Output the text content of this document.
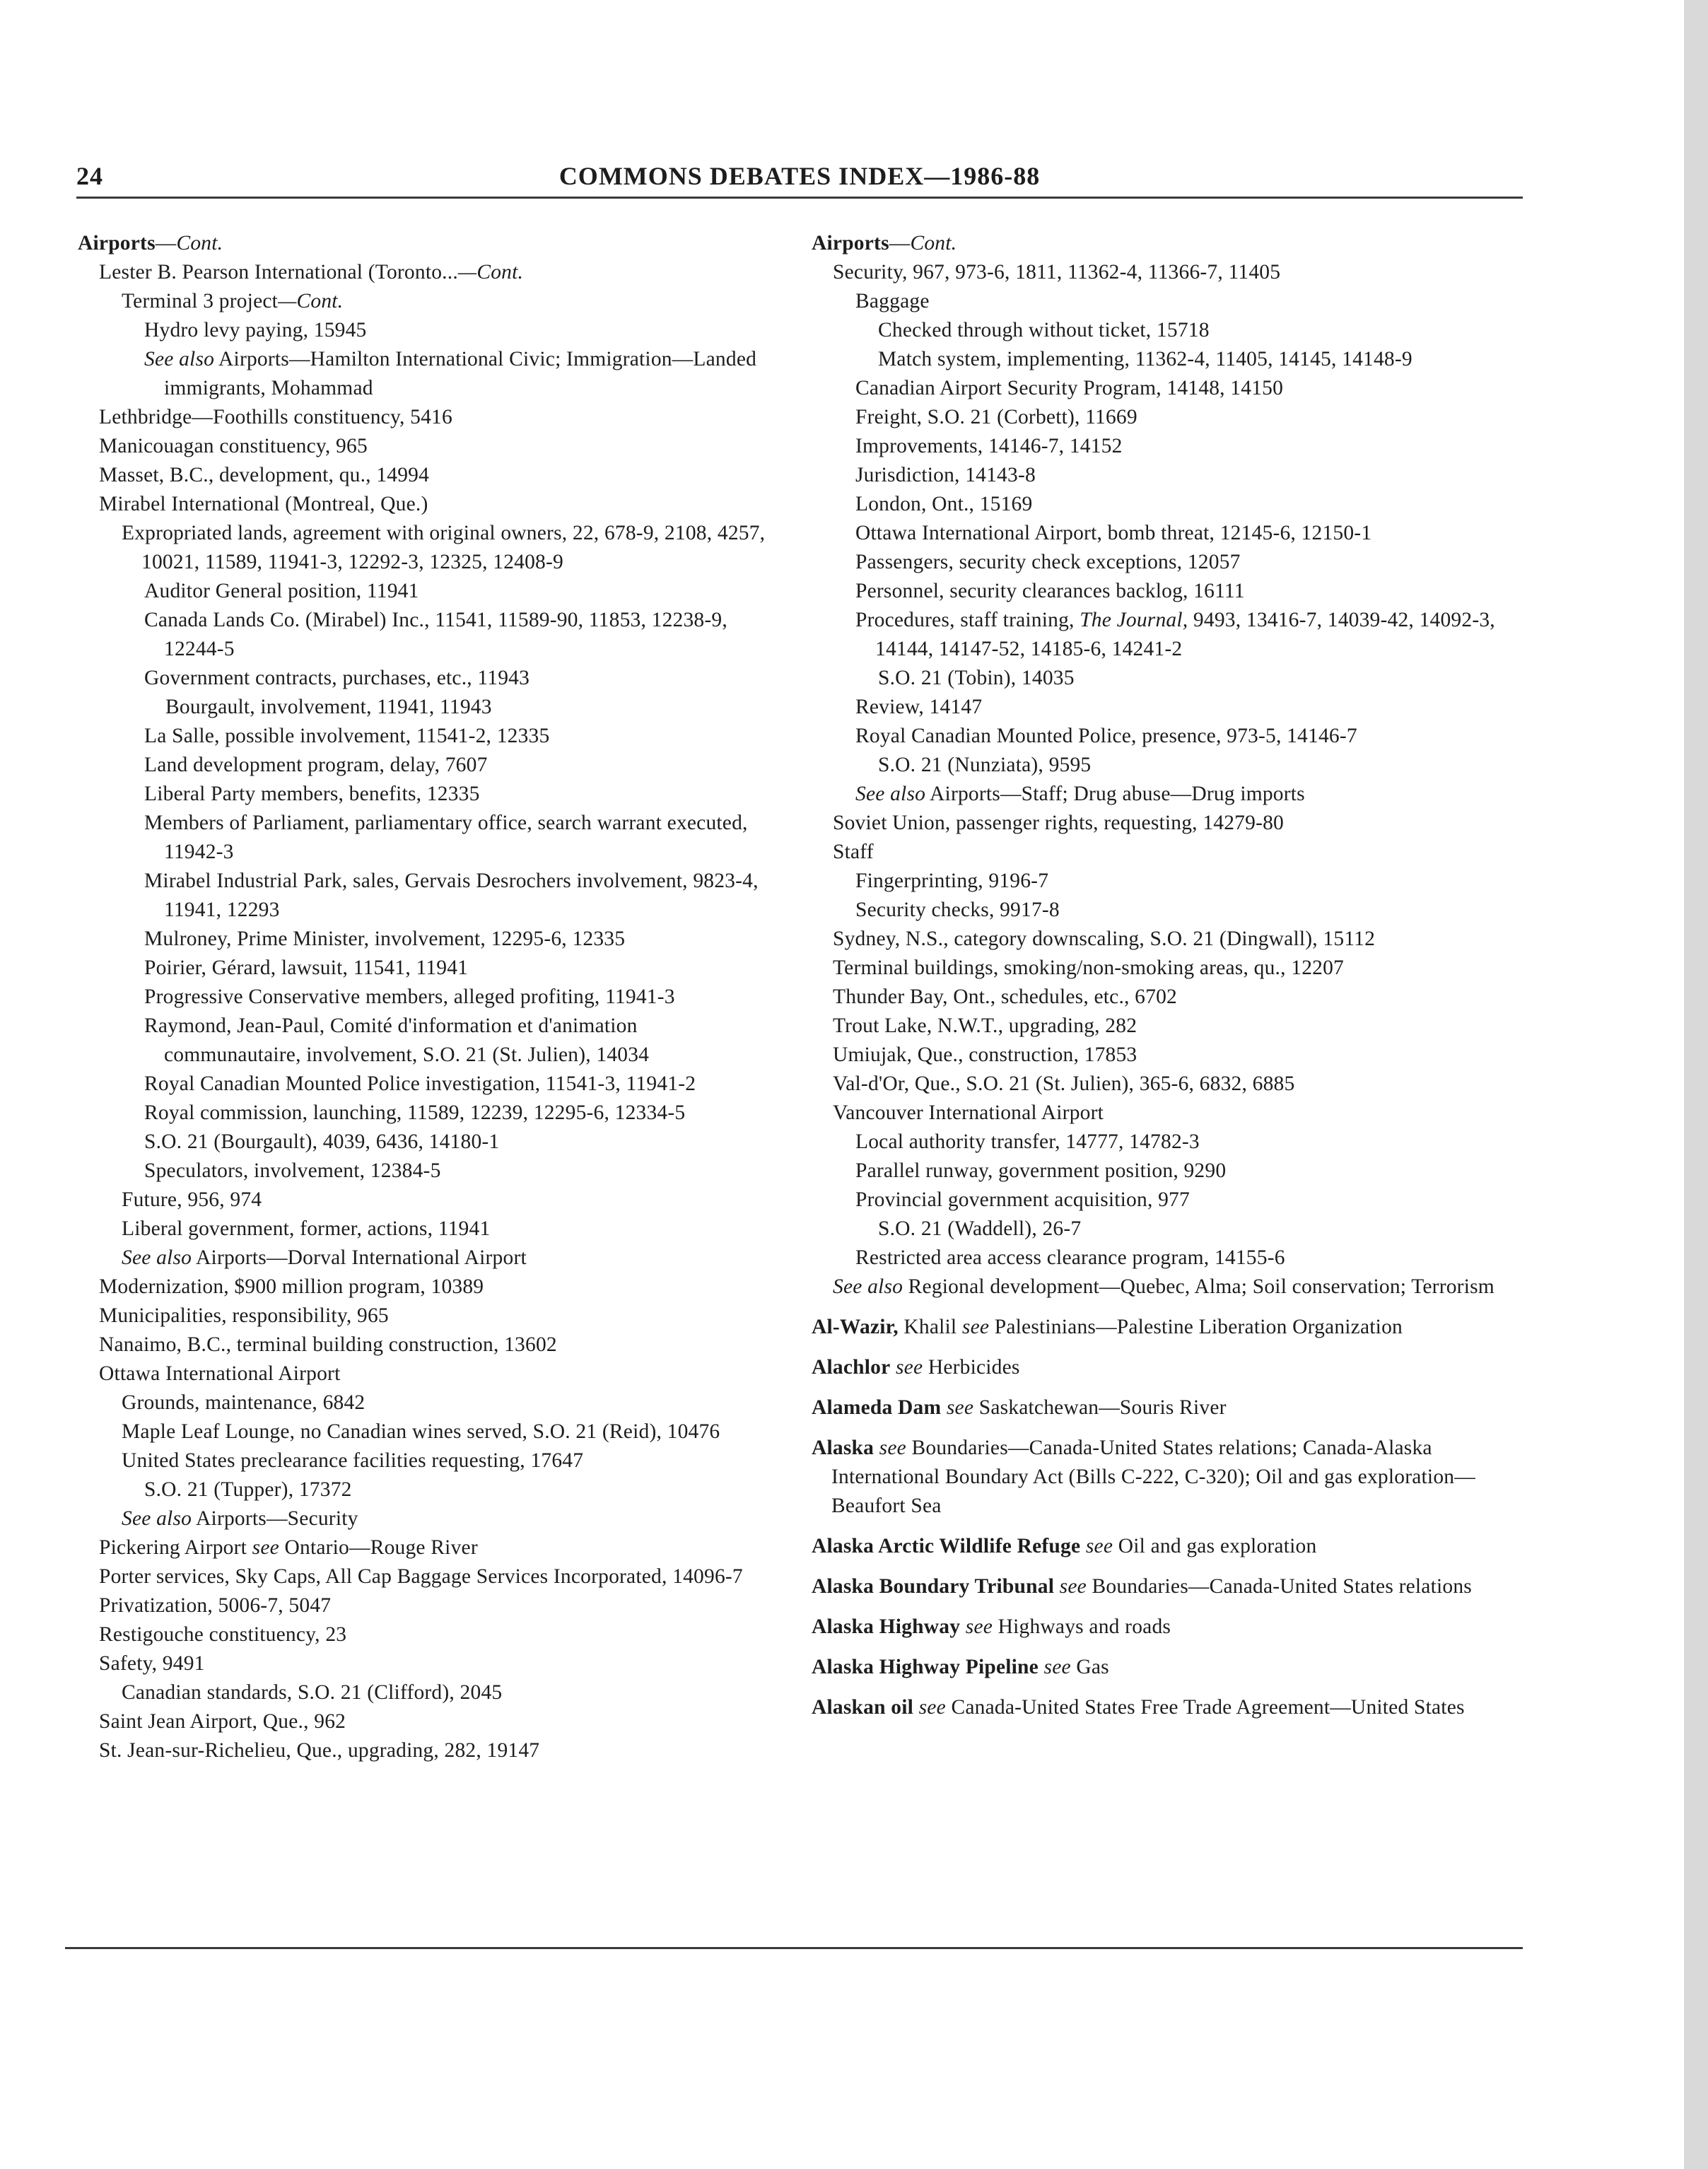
24	COMMONS DEBATES INDEX—1986-88

Airports—Cont.

Lester B. Pearson International (Toronto...—Cont.

Terminal 3 project—Cont.

Hydro levy paying, 15945

See also Airports—Hamilton International Civic; Immigration—Landed immigrants, Mohammad

Lethbridge—Foothills constituency, 5416

Manicouagan constituency, 965

Masset, B.C., development, qu., 14994

Mirabel International (Montreal, Que.)

Expropriated lands, agreement with original owners, 22, 678-9, 2108, 4257, 10021, 11589, 11941-3, 12292-3, 12325, 12408-9

Auditor General position, 11941

Canada Lands Co. (Mirabel) Inc., 11541, 11589-90, 11853, 12238-9, 12244-5

Government contracts, purchases, etc., 11943

Bourgault, involvement, 11941, 11943

La Salle, possible involvement, 11541-2, 12335

Land development program, delay, 7607

Liberal Party members, benefits, 12335

Members of Parliament, parliamentary office, search warrant executed, 11942-3

Mirabel Industrial Park, sales, Gervais Desrochers involvement, 9823-4, 11941, 12293

Mulroney, Prime Minister, involvement, 12295-6, 12335

Poirier, Gérard, lawsuit, 11541, 11941

Progressive Conservative members, alleged profiting, 11941-3

Raymond, Jean-Paul, Comité d'information et d'animation communautaire, involvement, S.O. 21 (St. Julien), 14034

Royal Canadian Mounted Police investigation, 11541-3, 11941-2

Royal commission, launching, 11589, 12239, 12295-6, 12334-5

S.O. 21 (Bourgault), 4039, 6436, 14180-1

Speculators, involvement, 12384-5

Future, 956, 974

Liberal government, former, actions, 11941

See also Airports—Dorval International Airport

Modernization, $900 million program, 10389

Municipalities, responsibility, 965

Nanaimo, B.C., terminal building construction, 13602

Ottawa International Airport

Grounds, maintenance, 6842

Maple Leaf Lounge, no Canadian wines served, S.O. 21 (Reid), 10476

United States preclearance facilities requesting, 17647

S.O. 21 (Tupper), 17372

See also Airports—Security

Pickering Airport see Ontario—Rouge River

Porter services, Sky Caps, All Cap Baggage Services Incorporated, 14096-7

Privatization, 5006-7, 5047

Restigouche constituency, 23

Safety, 9491

Canadian standards, S.O. 21 (Clifford), 2045

Saint Jean Airport, Que., 962

St. Jean-sur-Richelieu, Que., upgrading, 282, 19147

Airports—Cont.

Security, 967, 973-6, 1811, 11362-4, 11366-7, 11405

Baggage

Checked through without ticket, 15718

Match system, implementing, 11362-4, 11405, 14145, 14148-9

Canadian Airport Security Program, 14148, 14150

Freight, S.O. 21 (Corbett), 11669

Improvements, 14146-7, 14152

Jurisdiction, 14143-8

London, Ont., 15169

Ottawa International Airport, bomb threat, 12145-6, 12150-1

Passengers, security check exceptions, 12057

Personnel, security clearances backlog, 16111

Procedures, staff training, The Journal, 9493, 13416-7, 14039-42, 14092-3, 14144, 14147-52, 14185-6, 14241-2

S.O. 21 (Tobin), 14035

Review, 14147

Royal Canadian Mounted Police, presence, 973-5, 14146-7

S.O. 21 (Nunziata), 9595

See also Airports—Staff; Drug abuse—Drug imports

Soviet Union, passenger rights, requesting, 14279-80

Staff

Fingerprinting, 9196-7

Security checks, 9917-8

Sydney, N.S., category downscaling, S.O. 21 (Dingwall), 15112

Terminal buildings, smoking/non-smoking areas, qu., 12207

Thunder Bay, Ont., schedules, etc., 6702

Trout Lake, N.W.T., upgrading, 282

Umiujak, Que., construction, 17853

Val-d'Or, Que., S.O. 21 (St. Julien), 365-6, 6832, 6885

Vancouver International Airport

Local authority transfer, 14777, 14782-3

Parallel runway, government position, 9290

Provincial government acquisition, 977

S.O. 21 (Waddell), 26-7

Restricted area access clearance program, 14155-6

See also Regional development—Quebec, Alma; Soil conservation; Terrorism

Al-Wazir, Khalil see Palestinians—Palestine Liberation Organization

Alachlor see Herbicides

Alameda Dam see Saskatchewan—Souris River

Alaska see Boundaries—Canada-United States relations; Canada-Alaska International Boundary Act (Bills C-222, C-320); Oil and gas exploration—Beaufort Sea

Alaska Arctic Wildlife Refuge see Oil and gas exploration

Alaska Boundary Tribunal see Boundaries—Canada-United States relations

Alaska Highway see Highways and roads

Alaska Highway Pipeline see Gas

Alaskan oil see Canada-United States Free Trade Agreement—United States
